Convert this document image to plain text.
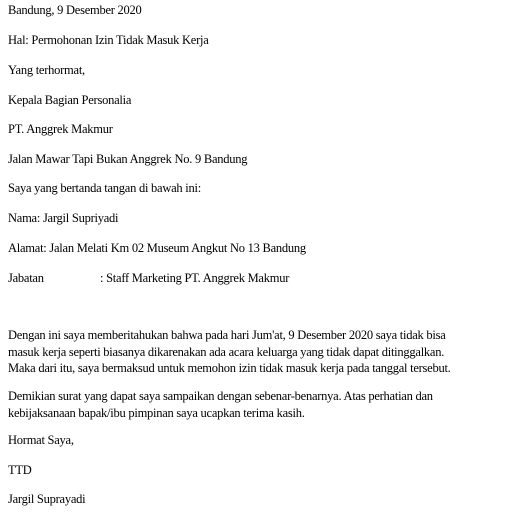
Bandung, 9 Desember 2020
Hal: Permohonan Izin Tidak Masuk Kerja
Yang terhormat,
Kepala Bagian Personalia
PT. Anggrek Makmur
Jalan Mawar Tapi Bukan Anggrek No. 9 Bandung
Saya yang bertanda tangan di bawah ini:
Nama: Jargil Supriyadi
Alamat: Jalan Melati Km 02 Museum Angkut No 13 Bandung
Jabatan	: Staff Marketing PT. Anggrek Makmur
Dengan ini saya memberitahukan bahwa pada hari Jum'at, 9 Desember 2020 saya tidak bisa
masuk kerja seperti biasanya dikarenakan ada acara keluarga yang tidak dapat ditinggalkan.
Maka dari itu, saya bermaksud untuk memohon izin tidak masuk kerja pada tanggal tersebut.
Demikian surat yang dapat saya sampaikan dengan sebenar-benarnya. Atas perhatian dan
kebijaksanaan bapak/ibu pimpinan saya ucapkan terima kasih.
Hormat Saya,
TTD
Jargil Suprayadi
